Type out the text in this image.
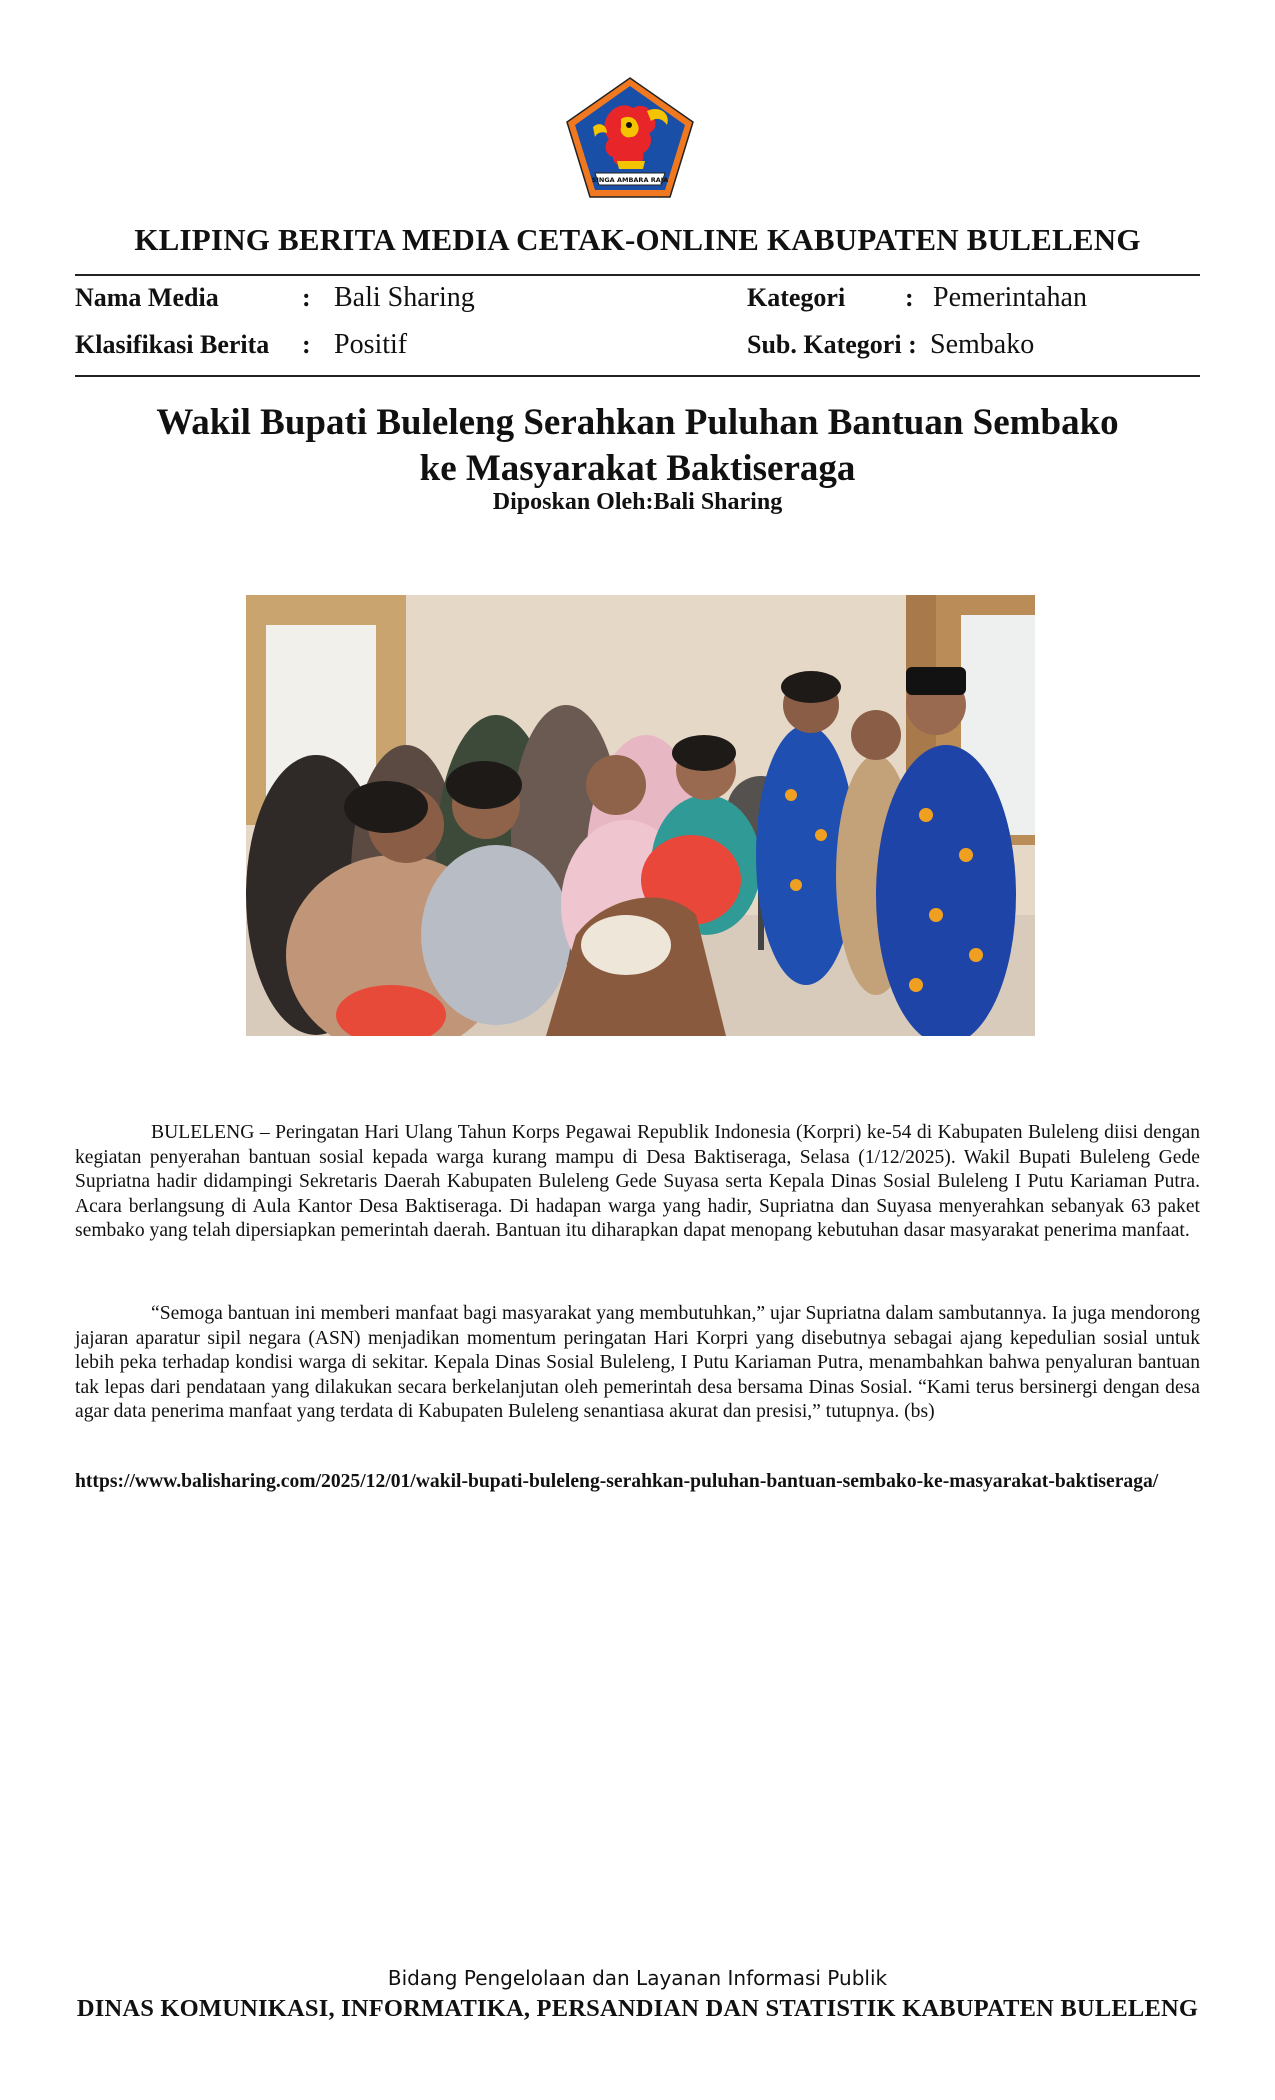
SINGA AMBARA RAJA
KLIPING BERITA MEDIA CETAK-ONLINE KABUPATEN BULELENG
Nama Media	: Bali Sharing	Kategori : Pemerintahan
Klasifikasi Berita : Positif	Sub. Kategori : Sembako
Wakil Bupati Buleleng Serahkan Puluhan Bantuan Sembako
ke Masyarakat Baktiseraga
Diposkan Oleh:Bali Sharing

BULELENG – Peringatan Hari Ulang Tahun Korps Pegawai Republik Indonesia (Korpri) ke-54 di Kabupaten Buleleng diisi dengan kegiatan penyerahan bantuan sosial kepada warga kurang mampu di Desa Baktiseraga, Selasa (1/12/2025). Wakil Bupati Buleleng Gede Supriatna hadir didampingi Sekretaris Daerah Kabupaten Buleleng Gede Suyasa serta Kepala Dinas Sosial Buleleng I Putu Kariaman Putra. Acara berlangsung di Aula Kantor Desa Baktiseraga. Di hadapan warga yang hadir, Supriatna dan Suyasa menyerahkan sebanyak 63 paket sembako yang telah dipersiapkan pemerintah daerah. Bantuan itu diharapkan dapat menopang kebutuhan dasar masyarakat penerima manfaat.

“Semoga bantuan ini memberi manfaat bagi masyarakat yang membutuhkan,” ujar Supriatna dalam sambutannya. Ia juga mendorong jajaran aparatur sipil negara (ASN) menjadikan momentum peringatan Hari Korpri yang disebutnya sebagai ajang kepedulian sosial untuk lebih peka terhadap kondisi warga di sekitar. Kepala Dinas Sosial Buleleng, I Putu Kariaman Putra, menambahkan bahwa penyaluran bantuan tak lepas dari pendataan yang dilakukan secara berkelanjutan oleh pemerintah desa bersama Dinas Sosial. “Kami terus bersinergi dengan desa agar data penerima manfaat yang terdata di Kabupaten Buleleng senantiasa akurat dan presisi,” tutupnya. (bs)

https://www.balisharing.com/2025/12/01/wakil-bupati-buleleng-serahkan-puluhan-bantuan-sembako-ke-masyarakat-baktiseraga/
Bidang Pengelolaan dan Layanan Informasi Publik
DINAS KOMUNIKASI, INFORMATIKA, PERSANDIAN DAN STATISTIK KABUPATEN BULELENG
